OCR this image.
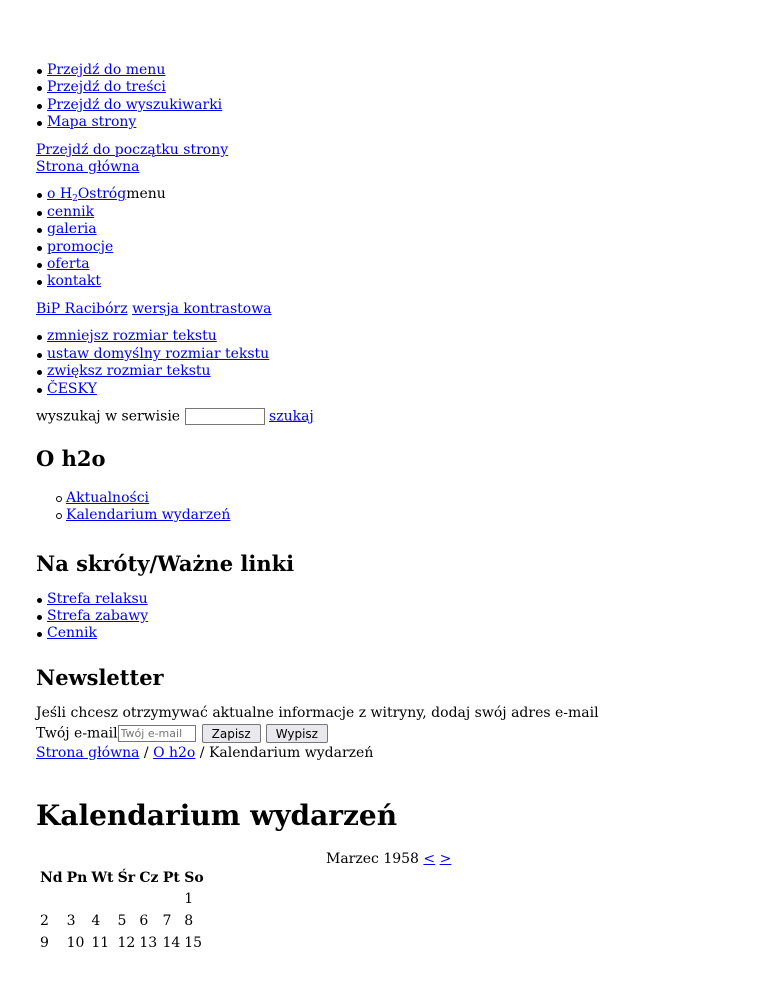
Przejdź do menu
Przejdź do treści
Przejdź do wyszukiwarki
Mapa strony
Przejdź do początku strony
Strona główna
o $H_2Ostrógmenu$
cennik
galeria
promocje
oferta
kontakt
BiP Racibórz wersja kontrastowa
zmniejsz rozmiar tekstu
ustaw domyślny rozmiar tekstu
zwiększ rozmiar tekstu
ČESKY
wyszukaj w serwisie	szukaj
O h2o
Aktualności
Kalendarium wydarzeń
Na skróty/Ważne linki
Strefa relaksu
Strefa zabawy
Cennik
Newsletter
Jeśli chcesz otrzymywać aktualne informacje z witryny, dodaj swój adres e-mail
Twój e-mailTwój e-mail	Zapisz Wypisz
Strona główna / O h2o / Kalendarium wydarzeń
Kalendarium wydarzeń
Marzec 1958 < >
Nd	Pn	Wt	Śr	Cz	Pt	So
						1
2	3	4	5	6	7	8
9	10	11	12	13	14	15
